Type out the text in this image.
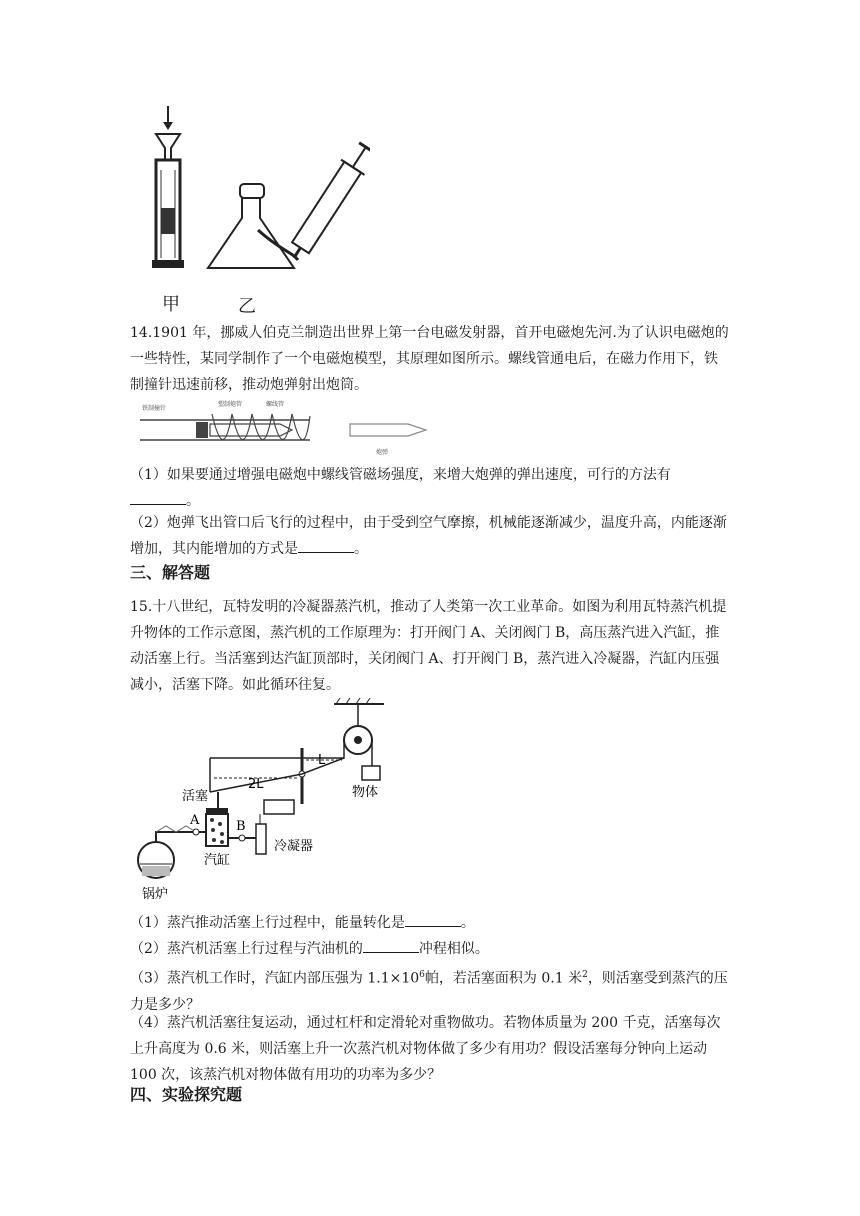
甲	乙
14.1901 年，挪威人伯克兰制造出世界上第一台电磁发射器，首开电磁炮先河.为了认识电磁炮的一些特性，某同学制作了一个电磁炮模型，其原理如图所示。螺线管通电后，在磁力作用下，铁制撞针迅速前移，推动炮弹射出炮筒。
铁制撞针
塑制炮管	螺线管
炮弹
（1）如果要通过增强电磁炮中螺线管磁场强度，来增大炮弹的弹出速度，可行的方法有
。
（2）炮弹飞出管口后飞行的过程中，由于受到空气摩擦，机械能逐渐减少，温度升高，内能逐渐增加，其内能增加的方式是	。
三、解答题
15.十八世纪，瓦特发明的冷凝器蒸汽机，推动了人类第一次工业革命。如图为利用瓦特蒸汽机提升物体的工作示意图，蒸汽机的工作原理为：打开阀门 A、关闭阀门 B，高压蒸汽进入汽缸，推动活塞上行。当活塞到达汽缸顶部时，关闭阀门 A、打开阀门 B，蒸汽进入冷凝器，汽缸内压强减小，活塞下降。如此循环往复。
L
2L
物体
活塞
A	B
汽缸
锅炉
冷凝器
（1）蒸汽推动活塞上行过程中，能量转化是	。
（2）蒸汽机活塞上行过程与汽油机的	冲程相似。
（3）蒸汽机工作时，汽缸内部压强为 $1.1\times 10^6$帕，若活塞面积为 0.1 米$^2$，则活塞受到蒸汽的压力是多少？
（4）蒸汽机活塞往复运动，通过杠杆和定滑轮对重物做功。若物体质量为 200 千克，活塞每次上升高度为 0.6 米，则活塞上升一次蒸汽机对物体做了多少有用功？假设活塞每分钟向上运动 100 次，该蒸汽机对物体做有用功的功率为多少？
四、实验探究题
